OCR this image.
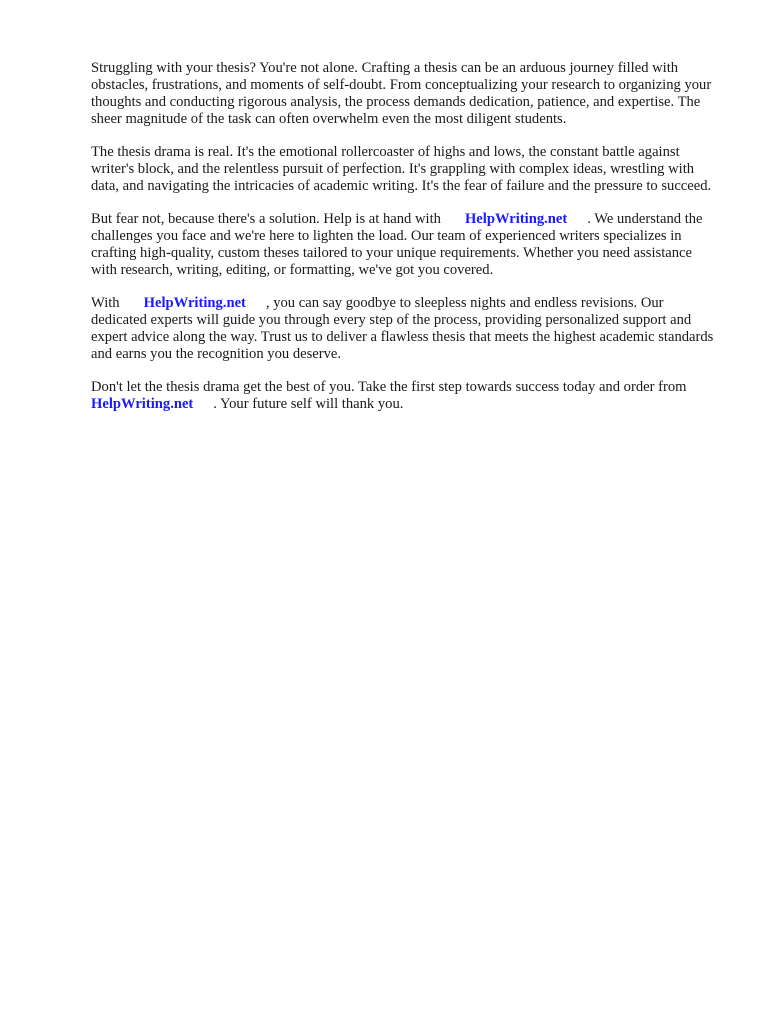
Struggling with your thesis? You're not alone. Crafting a thesis can be an arduous journey filled with obstacles, frustrations, and moments of self-doubt. From conceptualizing your research to organizing your thoughts and conducting rigorous analysis, the process demands dedication, patience, and expertise. The sheer magnitude of the task can often overwhelm even the most diligent students.

The thesis drama is real. It's the emotional rollercoaster of highs and lows, the constant battle against writer's block, and the relentless pursuit of perfection. It's grappling with complex ideas, wrestling with data, and navigating the intricacies of academic writing. It's the fear of failure and the pressure to succeed.

But fear not, because there's a solution. Help is at hand with HelpWriting.net . We understand the challenges you face and we're here to lighten the load. Our team of experienced writers specializes in crafting high-quality, custom theses tailored to your unique requirements. Whether you need assistance with research, writing, editing, or formatting, we've got you covered.

With HelpWriting.net , you can say goodbye to sleepless nights and endless revisions. Our dedicated experts will guide you through every step of the process, providing personalized support and expert advice along the way. Trust us to deliver a flawless thesis that meets the highest academic standards and earns you the recognition you deserve.

Don't let the thesis drama get the best of you. Take the first step towards success today and order fromHelpWriting.net . Your future self will thank you.
